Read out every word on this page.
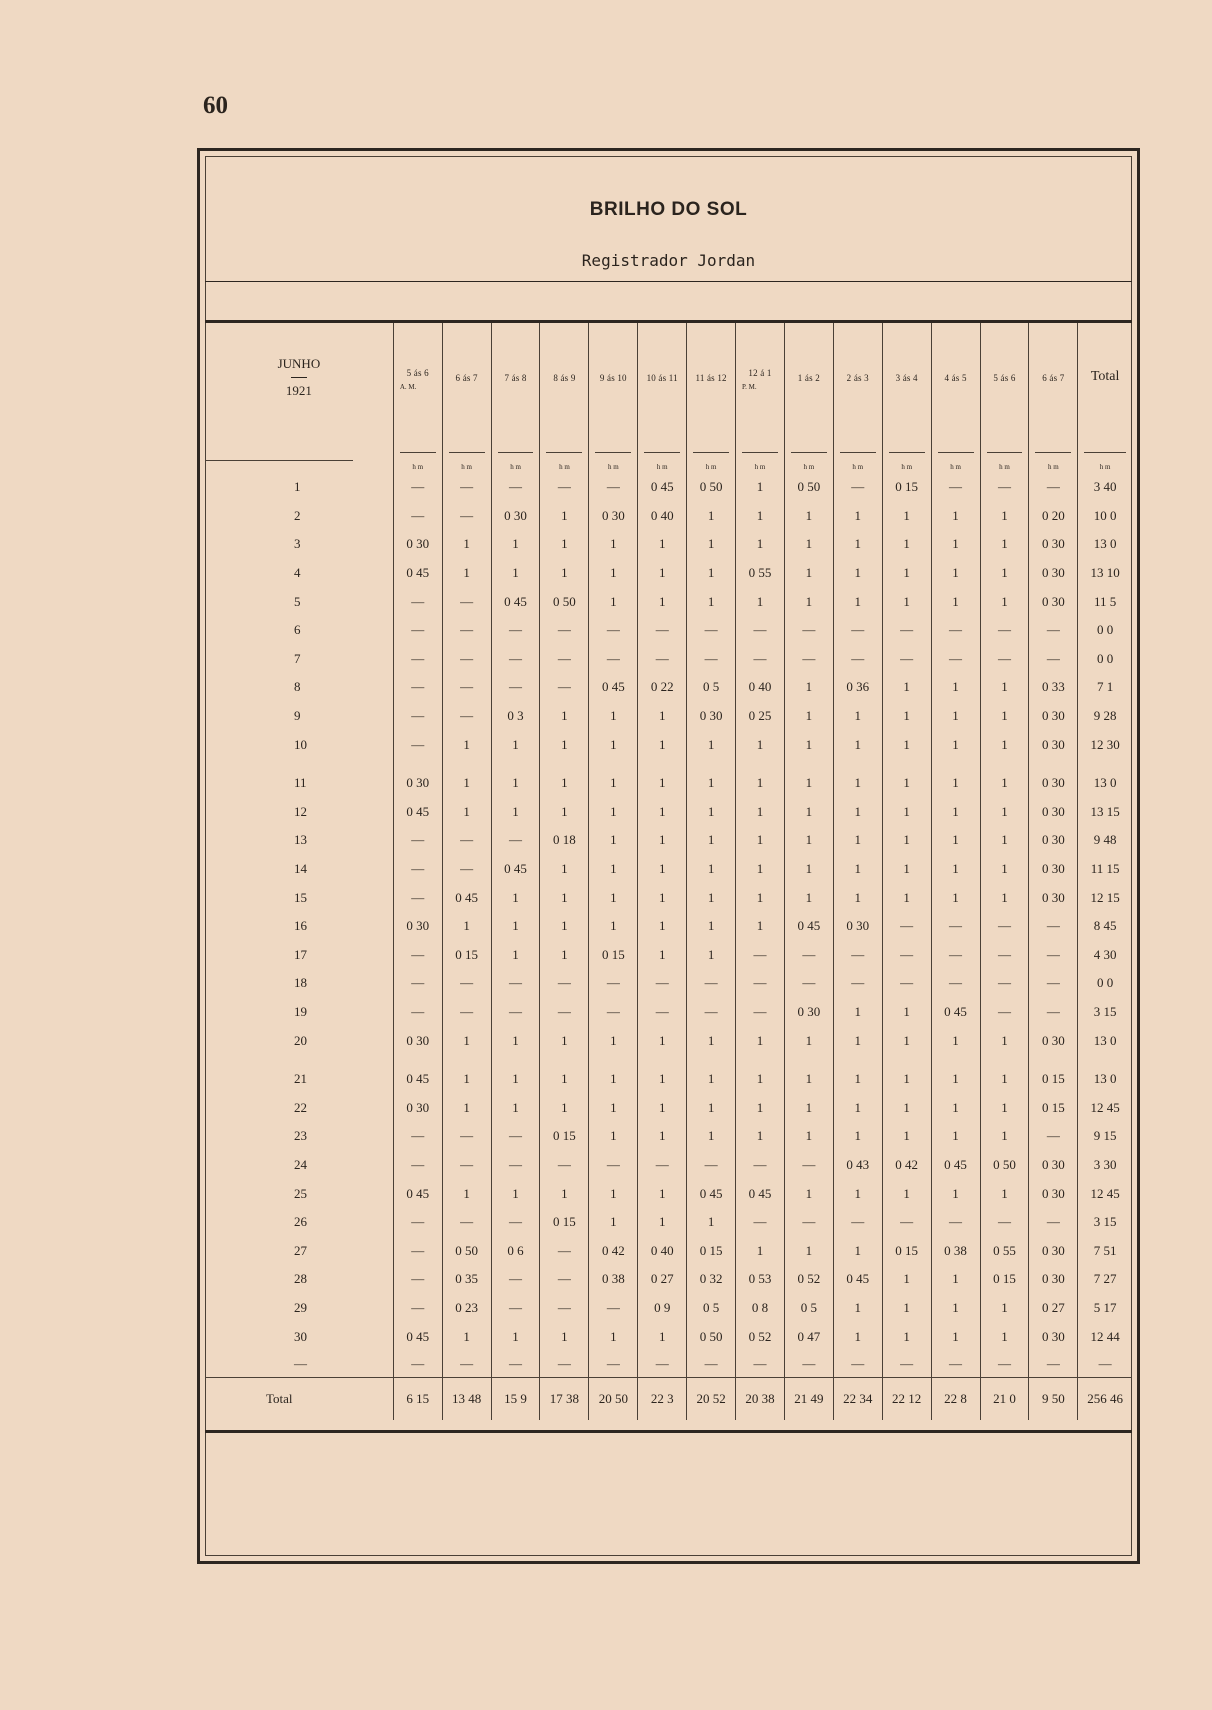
60
BRILHO DO SOL
Registrador Jordan
JUNHO
1921	5 ás 6
A. M.	6 ás 7	7 ás 8	8 ás 9	9 ás 10	10 ás 11	11 ás 12	12 á 1
P. M.	1 ás 2	2 ás 3	3 ás 4	4 ás 5	5 ás 6	6 ás 7	Total

	h m	h m	h m	h m	h m	h m	h m	h m	h m	h m	h m	h m	h m	h m	h m

1	—	—	—	—	—	0 45	0 50	1	0 50	—	0 15	—	—	—	3 40
2	—	—	0 30	1	0 30	0 40	1	1	1	1	1	1	1	0 20	10 0
3	0 30	1	1	1	1	1	1	1	1	1	1	1	1	0 30	13 0
4	0 45	1	1	1	1	1	1	0 55	1	1	1	1	1	0 30	13 10
5	—	—	0 45	0 50	1	1	1	1	1	1	1	1	1	0 30	11 5
6	—	—	—	—	—	—	—	—	—	—	—	—	—	—	0 0
7	—	—	—	—	—	—	—	—	—	—	—	—	—	—	0 0
8	—	—	—	—	0 45	0 22	0 5	0 40	1	0 36	1	1	1	0 33	7 1
9	—	—	0 3	1	1	1	0 30	0 25	1	1	1	1	1	0 30	9 28
10	—	1	1	1	1	1	1	1	1	1	1	1	1	0 30	12 30
11	0 30	1	1	1	1	1	1	1	1	1	1	1	1	0 30	13 0
12	0 45	1	1	1	1	1	1	1	1	1	1	1	1	0 30	13 15
13	—	—	—	0 18	1	1	1	1	1	1	1	1	1	0 30	9 48
14	—	—	0 45	1	1	1	1	1	1	1	1	1	1	0 30	11 15
15	—	0 45	1	1	1	1	1	1	1	1	1	1	1	0 30	12 15
16	0 30	1	1	1	1	1	1	1	0 45	0 30	—	—	—	—	8 45
17	—	0 15	1	1	0 15	1	1	—	—	—	—	—	—	—	4 30
18	—	—	—	—	—	—	—	—	—	—	—	—	—	—	0 0
19	—	—	—	—	—	—	—	—	0 30	1	1	0 45	—	—	3 15
20	0 30	1	1	1	1	1	1	1	1	1	1	1	1	0 30	13 0
21	0 45	1	1	1	1	1	1	1	1	1	1	1	1	0 15	13 0
22	0 30	1	1	1	1	1	1	1	1	1	1	1	1	0 15	12 45
23	—	—	—	0 15	1	1	1	1	1	1	1	1	1	—	9 15
24	—	—	—	—	—	—	—	—	—	0 43	0 42	0 45	0 50	0 30	3 30
25	0 45	1	1	1	1	1	0 45	0 45	1	1	1	1	1	0 30	12 45
26	—	—	—	0 15	1	1	1	—	—	—	—	—	—	—	3 15
27	—	0 50	0 6	—	0 42	0 40	0 15	1	1	1	0 15	0 38	0 55	0 30	7 51
28	—	0 35	—	—	0 38	0 27	0 32	0 53	0 52	0 45	1	1	0 15	0 30	7 27
29	—	0 23	—	—	—	0 9	0 5	0 8	0 5	1	1	1	1	0 27	5 17
30	0 45	1	1	1	1	1	0 50	0 52	0 47	1	1	1	1	0 30	12 44
—	—	—	—	—	—	—	—	—	—	—	—	—	—	—	—
Total	6 15	13 48	15 9	17 38	20 50	22 3	20 52	20 38	21 49	22 34	22 12	22 8	21 0	9 50	256 46
